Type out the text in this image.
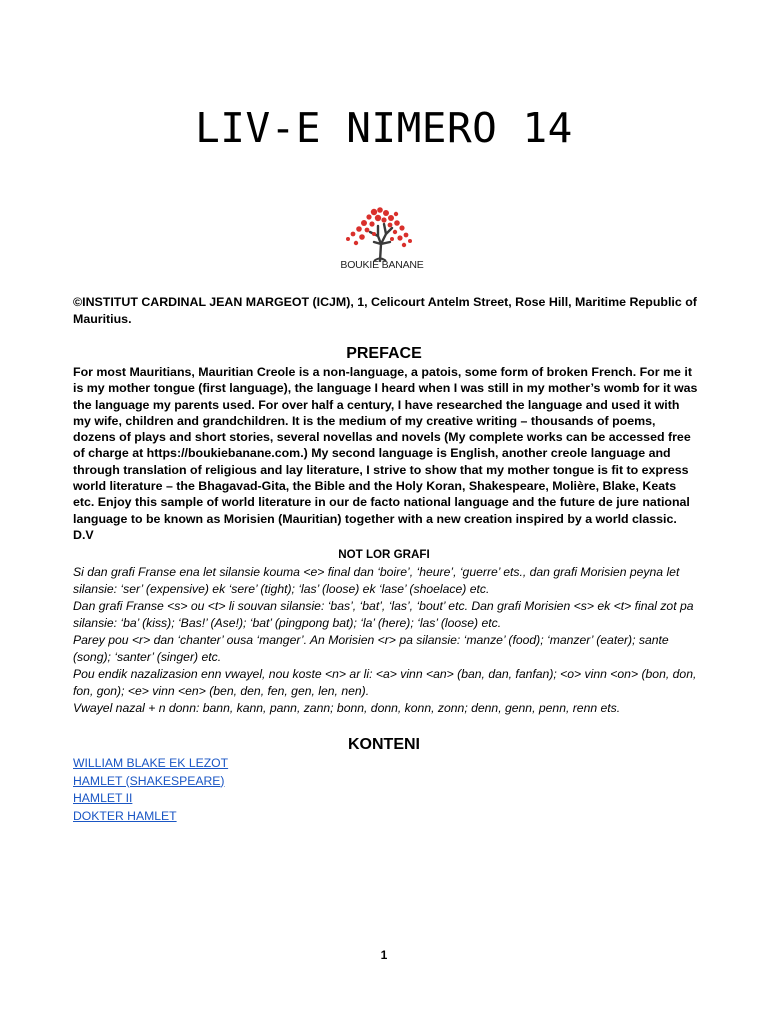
LIV-E NIMERO 14
BOUKIE BANANE
©INSTITUT CARDINAL JEAN MARGEOT (ICJM), 1, Celicourt Antelm Street, Rose Hill, Maritime Republic of Mauritius.
PREFACE

For most Mauritians, Mauritian Creole is a non-language, a patois, some form of broken French. For me it is my mother tongue (first language), the language I heard when I was still in my mother’s womb for it was the language my parents used. For over half a century, I have researched the language and used it with my wife, children and grandchildren. It is the medium of my creative writing – thousands of poems, dozens of plays and short stories, several novellas and novels (My complete works can be accessed free of charge at https://boukiebanane.com.) My second language is English, another creole language and through translation of religious and lay literature, I strive to show that my mother tongue is fit to express world literature – the Bhagavad-Gita, the Bible and the Holy Koran, Shakespeare, Molière, Blake, Keats etc. Enjoy this sample of world literature in our de facto national language and the future de jure national language to be known as Morisien (Mauritian) together with a new creation inspired by a world classic.

D.V

NOT LOR GRAFI

Si dan grafi Franse ena let silansie kouma <e> final dan ‘boire’, ‘heure’, ‘guerre’ ets., dan grafi Morisien peyna let silansie: ‘ser’ (expensive) ek ‘sere’ (tight); ‘las’ (loose) ek ‘lase’ (shoelace) etc.

Dan grafi Franse <s> ou <t> li souvan silansie: ‘bas’, ‘bat’, ‘las’, ‘bout’ etc. Dan grafi Morisien <s> ek <t> final zot pa silansie: ‘ba’ (kiss); ‘Bas!’ (Ase!); ‘bat’ (pingpong bat); ‘la’ (here); ‘las’ (loose) etc.

Parey pou <r> dan ‘chanter’ ousa ‘manger’. An Morisien <r> pa silansie: ‘manze’ (food); ‘manzer’ (eater); sante (song); ‘santer’ (singer) etc.

Pou endik nazalizasion enn vwayel, nou koste <n> ar li: <a> vinn <an> (ban, dan, fanfan); <o> vinn <on> (bon, don, fon, gon); <e> vinn <en> (ben, den, fen, gen, len, nen).

Vwayel nazal + n donn: bann, kann, pann, zann; bonn, donn, konn, zonn; denn, genn, penn, renn ets.

KONTENI
WILLIAM BLAKE EK LEZOT
HAMLET (SHAKESPEARE)
HAMLET II
DOKTER HAMLET
1
